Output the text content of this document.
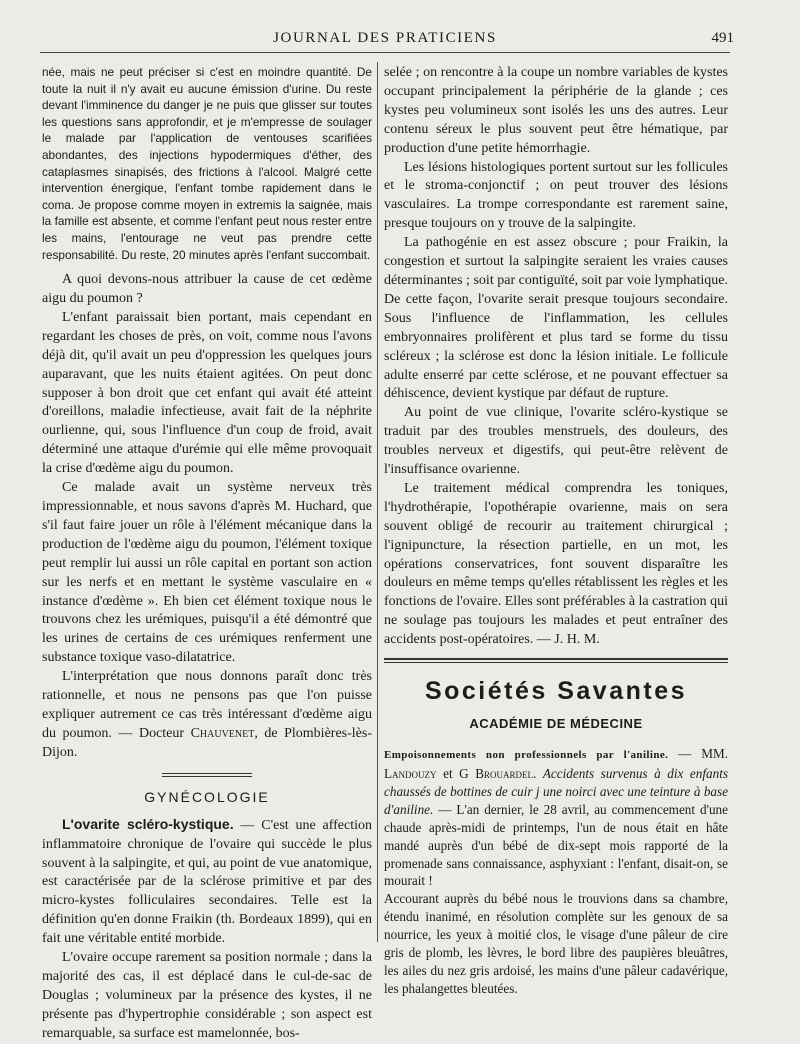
JOURNAL DES PRATICIENS	491

née, mais ne peut préciser si c'est en moindre quantité. De toute la nuit il n'y avait eu aucune émission d'urine. Du reste devant l'imminence du danger je ne puis que glisser sur toutes les questions sans approfondir, et je m'empresse de soulager le malade par l'application de ventouses scarifiées abondantes, des injections hypodermiques d'éther, des cataplasmes sinapisés, des frictions à l'alcool. Malgré cette intervention énergique, l'enfant tombe rapidement dans le coma. Je propose comme moyen in extremis la saignée, mais la famille est absente, et comme l'enfant peut nous rester entre les mains, l'entourage ne veut pas prendre cette responsabilité. Du reste, 20 minutes après l'enfant succombait.

A quoi devons-nous attribuer la cause de cet œdème aigu du poumon ?

L'enfant paraissait bien portant, mais cependant en regardant les choses de près, on voit, comme nous l'avons déjà dit, qu'il avait un peu d'oppression les quelques jours auparavant, que les nuits étaient agitées. On peut donc supposer à bon droit que cet enfant qui avait été atteint d'oreillons, maladie infectieuse, avait fait de la néphrite ourlienne, qui, sous l'influence d'un coup de froid, avait déterminé une attaque d'urémie qui elle même provoquait la crise d'œdème aigu du poumon.

Ce malade avait un système nerveux très impressionnable, et nous savons d'après M. Huchard, que s'il faut faire jouer un rôle à l'élément mécanique dans la production de l'œdème aigu du poumon, l'élément toxique peut remplir lui aussi un rôle capital en portant son action sur les nerfs et en mettant le système vasculaire en « instance d'œdème ». Eh bien cet élément toxique nous le trouvons chez les urémiques, puisqu'il a été démontré que les urines de certains de ces urémiques renferment une substance toxique vaso-dilatatrice.

L'interprétation que nous donnons paraît donc très rationnelle, et nous ne pensons pas que l'on puisse expliquer autrement ce cas très intéressant d'œdème aigu du poumon. — Docteur Chauvenet, de Plombières-lès-Dijon.

GYNÉCOLOGIE

L'ovarite scléro-kystique. — C'est une affection inflammatoire chronique de l'ovaire qui succède le plus souvent à la salpingite, et qui, au point de vue anatomique, est caractérisée par de la sclérose primitive et par des micro-kystes folliculaires secondaires. Telle est la définition qu'en donne Fraikin (th. Bordeaux 1899), qui en fait une véritable entité morbide.

L'ovaire occupe rarement sa position normale ; dans la majorité des cas, il est déplacé dans le cul-de-sac de Douglas ; volumineux par la présence des kystes, il ne présente pas d'hypertrophie considérable ; son aspect est remarquable, sa surface est mamelonnée, bos-

selée ; on rencontre à la coupe un nombre variables de kystes occupant principalement la périphérie de la glande ; ces kystes peu volumineux sont isolés les uns des autres. Leur contenu séreux le plus souvent peut être hématique, par production d'une petite hémorrhagie.

Les lésions histologiques portent surtout sur les follicules et le stroma-conjonctif ; on peut trouver des lésions vasculaires. La trompe correspondante est rarement saine, presque toujours on y trouve de la salpingite.

La pathogénie en est assez obscure ; pour Fraikin, la congestion et surtout la salpingite seraient les vraies causes déterminantes ; soit par contiguïté, soit par voie lymphatique. De cette façon, l'ovarite serait presque toujours secondaire. Sous l'influence de l'inflammation, les cellules embryonnaires prolifèrent et plus tard se forme du tissu scléreux ; la sclérose est donc la lésion initiale. Le follicule adulte enserré par cette sclérose, et ne pouvant effectuer sa déhiscence, devient kystique par défaut de rupture.

Au point de vue clinique, l'ovarite scléro-kystique se traduit par des troubles menstruels, des douleurs, des troubles nerveux et digestifs, qui peut-être relèvent de l'insuffisance ovarienne.

Le traitement médical comprendra les toniques, l'hydrothérapie, l'opothérapie ovarienne, mais on sera souvent obligé de recourir au traitement chirurgical ; l'ignipuncture, la résection partielle, en un mot, les opérations conservatrices, font souvent disparaître les douleurs en même temps qu'elles rétablissent les règles et les fonctions de l'ovaire. Elles sont préférables à la castration qui ne soulage pas toujours les malades et peut entraîner des accidents post-opératoires. — J. H. M.

Sociétés Savantes

ACADÉMIE DE MÉDECINE

Empoisonnements non professionnels par l'aniline. — MM. Landouzy et G Brouardel. Accidents survenus à dix enfants chaussés de bottines de cuir j une noirci avec une teinture à base d'aniline. — L'an dernier, le 28 avril, au commencement d'une chaude après-midi de printemps, l'un de nous était en hâte mandé auprès d'un bébé de dix-sept mois rapporté de la promenade sans connaissance, asphyxiant : l'enfant, disait-on, se mourait !

Accourant auprès du bébé nous le trouvions dans sa chambre, étendu inanimé, en résolution complète sur les genoux de sa nourrice, les yeux à moitié clos, le visage d'une pâleur de cire gris de plomb, les lèvres, le bord libre des paupières bleuâtres, les ailes du nez gris ardoisé, les mains d'une pâleur cadavérique, les phalangettes bleutées.
